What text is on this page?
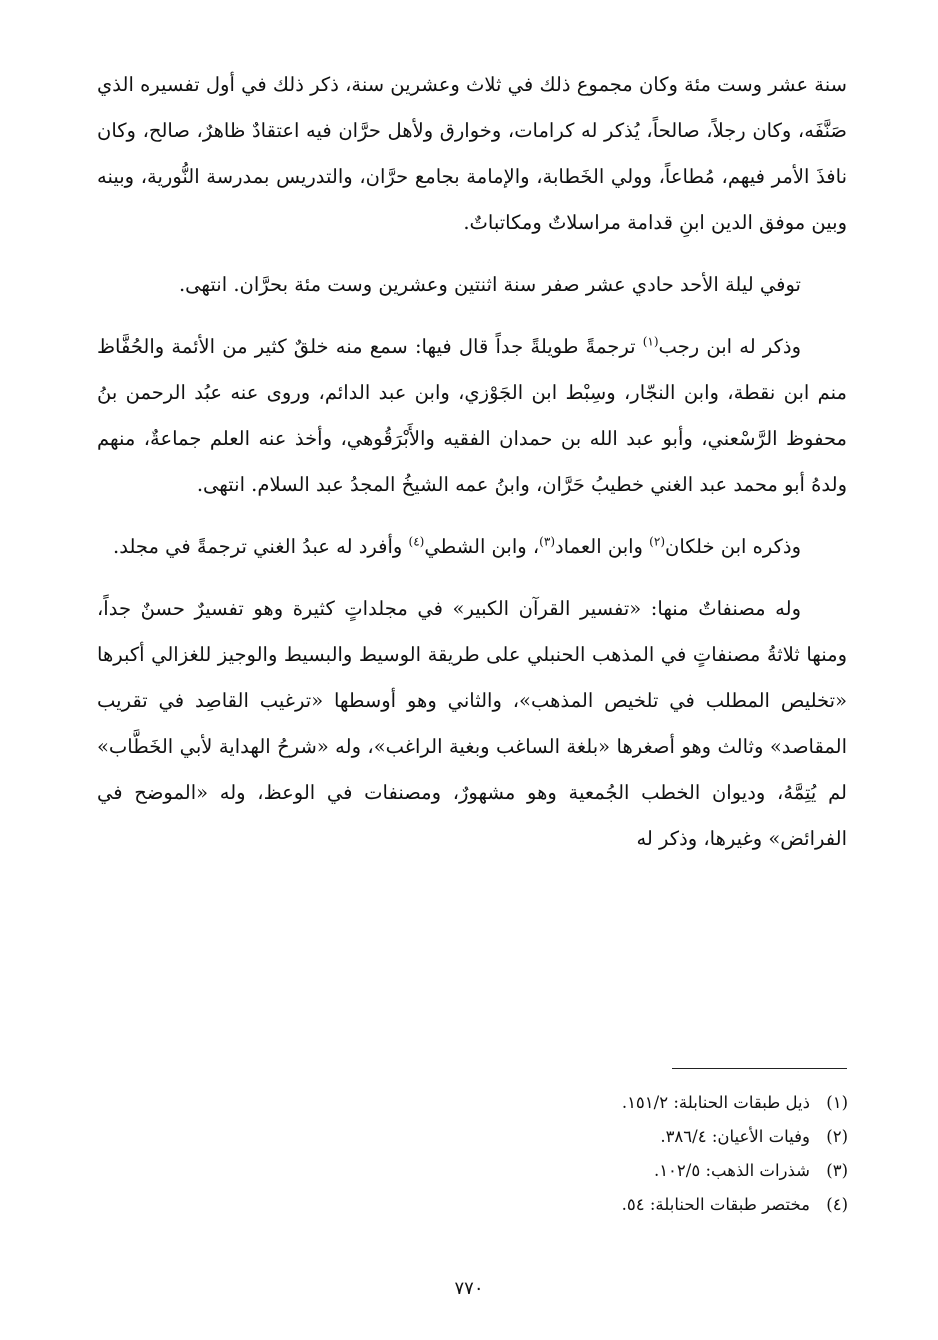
سنة عشر وست مئة وكان مجموع ذلك في ثلاث وعشرين سنة، ذكر ذلك في أول تفسيره الذي صَنَّفَه، وكان رجلاً، صالحاً، يُذكر له كرامات، وخوارق ولأهل حرَّان فيه اعتقادٌ ظاهرٌ، صالح، وكان نافذَ الأمر فيهم، مُطاعاً، وولي الخَطابة، والإمامة بجامع حرَّان، والتدريس بمدرسة النُّورية، وبينه وبين موفق الدين ابنِ قدامة مراسلاتٌ ومكاتباتٌ.

توفي ليلة الأحد حادي عشر صفر سنة اثنتين وعشرين وست مئة بحرَّان. انتهى.

وذكر له ابن رجب$^{(١)}$ ترجمةً طويلةً جداً قال فيها: سمع منه خلقٌ كثير من الأئمة والحُفَّاظ منم ابن نقطة، وابن النجّار، وسِبْط ابن الجَوْزي، وابن عبد الدائم، وروى عنه عبُد الرحمن بنُ محفوظ الرَّسْعني، وأبو عبد الله بن حمدان الفقيه والأَبْرَقُوهي، وأخذ عنه العلم جماعةٌ، منهم ولدهُ أبو محمد عبد الغني خطيبُ حَرَّان، وابنُ عمه الشيخُ المجدُ عبد السلام. انتهى.

وذكره ابن خلكان$^{(٢)}$ وابن العماد$^{(٣)}$، وابن الشطي$^{(٤)}$ وأفرد له عبدُ الغني ترجمةً في مجلد.

وله مصنفاتٌ منها: «تفسير القرآن الكبير» في مجلداتٍ كثيرة وهو تفسيرٌ حسنٌ جداً، ومنها ثلاثةُ مصنفاتٍ في المذهب الحنبلي على طريقة الوسيط والبسيط والوجيز للغزالي أكبرها «تخليص المطلب في تلخيص المذهب»، والثاني وهو أوسطها «ترغيب القاصِد في تقريب المقاصد» وثالث وهو أصغرها «بلغة الساغب وبغية الراغب»، وله «شرحُ الهداية لأبي الخَطَّاب» لم يُتِمَّهُ، وديوان الخطب الجُمعية وهو مشهورٌ، ومصنفات في الوعظ، وله «الموضح في الفرائض» وغيرها، وذكر له

(١)ذيل طبقات الحنابلة: ١٥١/٢.
(٢)وفيات الأعيان: ٣٨٦/٤.
(٣)شذرات الذهب: ١٠٢/٥.
(٤)مختصر طبقات الحنابلة: ٥٤.
٧٧٠
